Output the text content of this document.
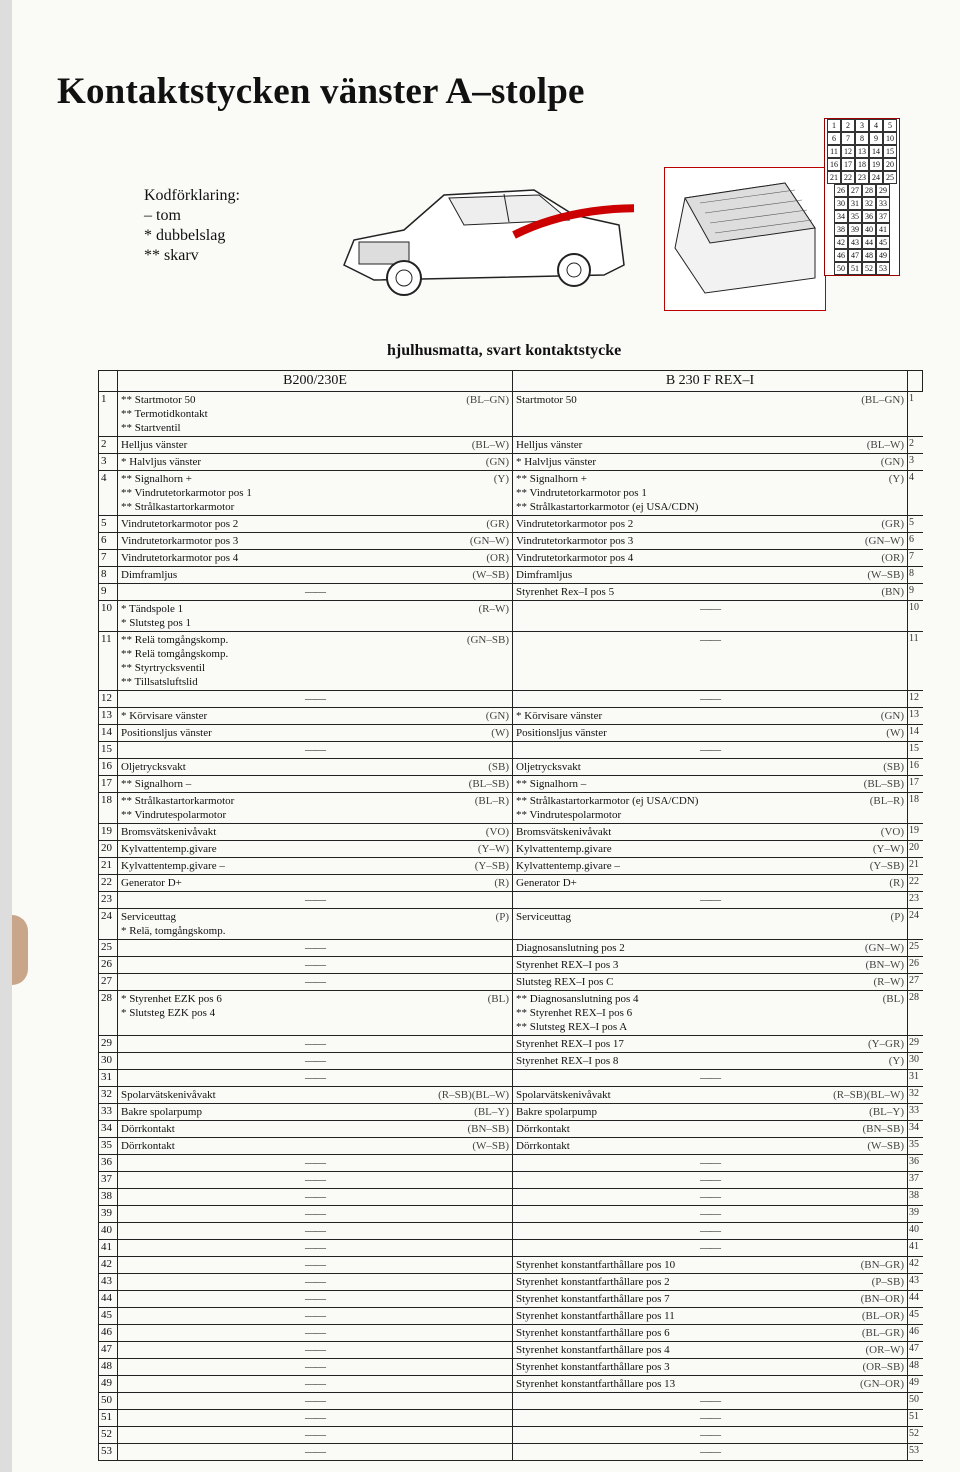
Kontaktstycken vänster A–stolpe
Kodförklaring:
– tom
* dubbelslag
** skarv
1	2	3	4	5
6	7	8	9	10
11 12 13 14 15
16 17 18 19 20
21 22 23 24 25
26 27 28 29
30 31 32 33
34 35 36 37
38 39 40 41
42 43 44 45
46 47 48 49
50 51 52 53
hjulhusmatta, svart kontaktstycke
	B200/230E	B 230 F REX–I	
1	** Startmotor 50
** Termotidkontakt
** Startventil
(BL–GN)	Startmotor 50 (BL–GN)	1
2	Helljus vänster (BL–W)	Helljus vänster (BL–W)	2
3	* Halvljus vänster (GN)	* Halvljus vänster (GN)	3
4	** Signalhorn +
** Vindrutetorkarmotor pos 1
** Strålkastartorkarmotor
(Y)	** Signalhorn +
** Vindrutetorkarmotor pos 1
** Strålkastartorkarmotor (ej USA/CDN)
(Y)	4
5	Vindrutetorkarmotor pos 2 (GR)	Vindrutetorkarmotor pos 2 (GR)	5
6	Vindrutetorkarmotor pos 3 (GN–W)	Vindrutetorkarmotor pos 3 (GN–W)	6
7	Vindrutetorkarmotor pos 4 (OR)	Vindrutetorkarmotor pos 4 (OR)	7
8	Dimframljus (W–SB)	Dimframljus (W–SB)	8
9	——	Styrenhet Rex–I pos 5 (BN)	9
10	* Tändspole 1
* Slutsteg pos 1
(R–W)	——	10
11	** Relä tomgångskomp.
** Relä tomgångskomp.
** Styrtrycksventil
** Tillsatsluftslid
(GN–SB)	——	11
12	——	——	12
13	* Körvisare vänster (GN)	* Körvisare vänster (GN)	13
14	Positionsljus vänster (W)	Positionsljus vänster (W)	14
15	——	——	15
16	Oljetrycksvakt (SB)	Oljetrycksvakt (SB)	16
17	** Signalhorn – (BL–SB)	** Signalhorn – (BL–SB)	17
18	** Strålkastartorkarmotor
** Vindrutespolarmotor
(BL–R)	** Strålkastartorkarmotor (ej USA/CDN)
** Vindrutespolarmotor
(BL–R)	18
19	Bromsvätskenivåvakt (VO)	Bromsvätskenivåvakt (VO)	19
20	Kylvattentemp.givare (Y–W)	Kylvattentemp.givare (Y–W)	20
21	Kylvattentemp.givare – (Y–SB)	Kylvattentemp.givare – (Y–SB)	21
22	Generator D+ (R)	Generator D+ (R)	22
23	——	——	23
24	Serviceuttag
* Relä, tomgångskomp.
(P)	Serviceuttag (P)	24
25	——	Diagnosanslutning pos 2 (GN–W)	25
26	——	Styrenhet REX–I pos 3 (BN–W)	26
27	——	Slutsteg REX–I pos C (R–W)	27
28	* Styrenhet EZK pos 6
* Slutsteg EZK pos 4
(BL)	** Diagnosanslutning pos 4
** Styrenhet REX–I pos 6
** Slutsteg REX–I pos A
(BL)	28
29	——	Styrenhet REX–I pos 17 (Y–GR)	29
30	——	Styrenhet REX–I pos 8 (Y)	30
31	——	——	31
32	Spolarvätskenivåvakt (R–SB)(BL–W)	Spolarvätskenivåvakt (R–SB)(BL–W)	32
33	Bakre spolarpump (BL–Y)	Bakre spolarpump (BL–Y)	33
34	Dörrkontakt (BN–SB)	Dörrkontakt (BN–SB)	34
35	Dörrkontakt (W–SB)	Dörrkontakt (W–SB)	35
36	——	——	36
37	——	——	37
38	——	——	38
39	——	——	39
40	——	——	40
41	——	——	41
42	——	Styrenhet konstantfarthållare pos 10 (BN–GR)	42
43	——	Styrenhet konstantfarthållare pos 2 (P–SB)	43
44	——	Styrenhet konstantfarthållare pos 7 (BN–OR)	44
45	——	Styrenhet konstantfarthållare pos 11 (BL–OR)	45
46	——	Styrenhet konstantfarthållare pos 6 (BL–GR)	46
47	——	Styrenhet konstantfarthållare pos 4 (OR–W)	47
48	——	Styrenhet konstantfarthållare pos 3 (OR–SB)	48
49	——	Styrenhet konstantfarthållare pos 13 (GN–OR)	49
50	——	——	50
51	——	——	51
52	——	——	52
53	——	——	53
